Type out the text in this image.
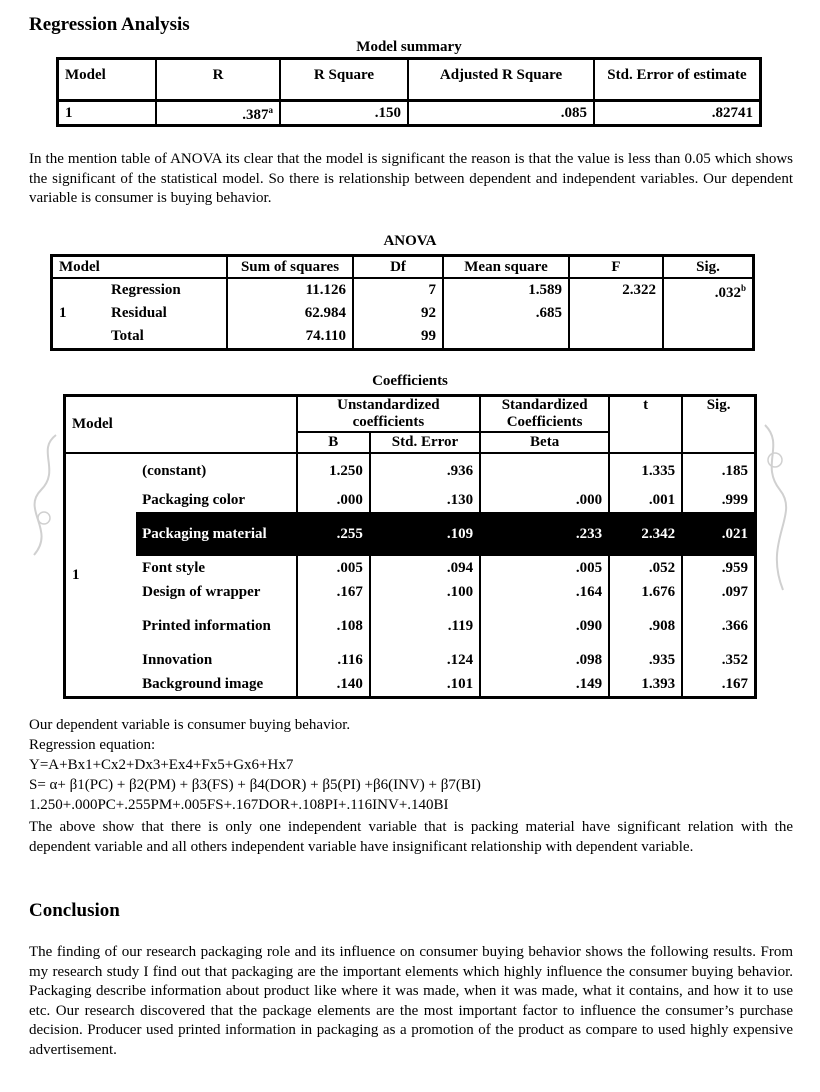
Regression Analysis
Model summary
Model	R	R Square	Adjusted R Square	Std. Error of estimate

1	.387$^a$	.150	.085	.82741

In the mention table of ANOVA its clear that the model is significant the reason is that the value is less than 0.05 which shows the significant of the statistical model. So there is relationship between dependent and independent variables. Our dependent variable is consumer is buying behavior.

ANOVA
Model		Sum of squares	Df	Mean square	F	Sig.
	Regression	11.126	7	1.589	2.322	.032$^b$
1	Residual	62.984	92	.685		
	Total	74.110	99			
Coefficients
Model		Unstandardized coefficients		Standardized Coefficients	t	Sig.
		B	Std. Error	Beta		
1	(constant)	1.250	.936		1.335	.185
	Packaging color	.000	.130	.000	.001	.999
	Packaging material	.255	.109	.233	2.342	.021
	Font style	.005	.094	.005	.052	.959
	Design of wrapper	.167	.100	.164	1.676	.097
	Printed information	.108	.119	.090	.908	.366
	Innovation	.116	.124	.098	.935	.352
	Background image	.140	.101	.149	1.393	.167

Our dependent variable is consumer buying behavior.

Regression equation:

Y=A+Bx1+Cx2+Dx3+Ex4+Fx5+Gx6+Hx7

S= α+ β1(PC) + β2(PM) + β3(FS) + β4(DOR) + β5(PI) +β6(INV) + β7(BI)

1.250+.000PC+.255PM+.005FS+.167DOR+.108PI+.116INV+.140BI

The above show that there is only one independent variable that is packing material have significant relation with the dependent variable and all others independent variable have insignificant relationship with dependent variable.

Conclusion

The finding of our research packaging role and its influence on consumer buying behavior shows the following results. From my research study I find out that packaging are the important elements which highly influence the consumer buying behavior. Packaging describe information about product like where it was made, when it was made, what it contains, and how it to use etc. Our research discovered that the package elements are the most important factor to influence the consumer’s purchase decision. Producer used printed information in packaging as a promotion of the product as compare to used highly expensive advertisement.
